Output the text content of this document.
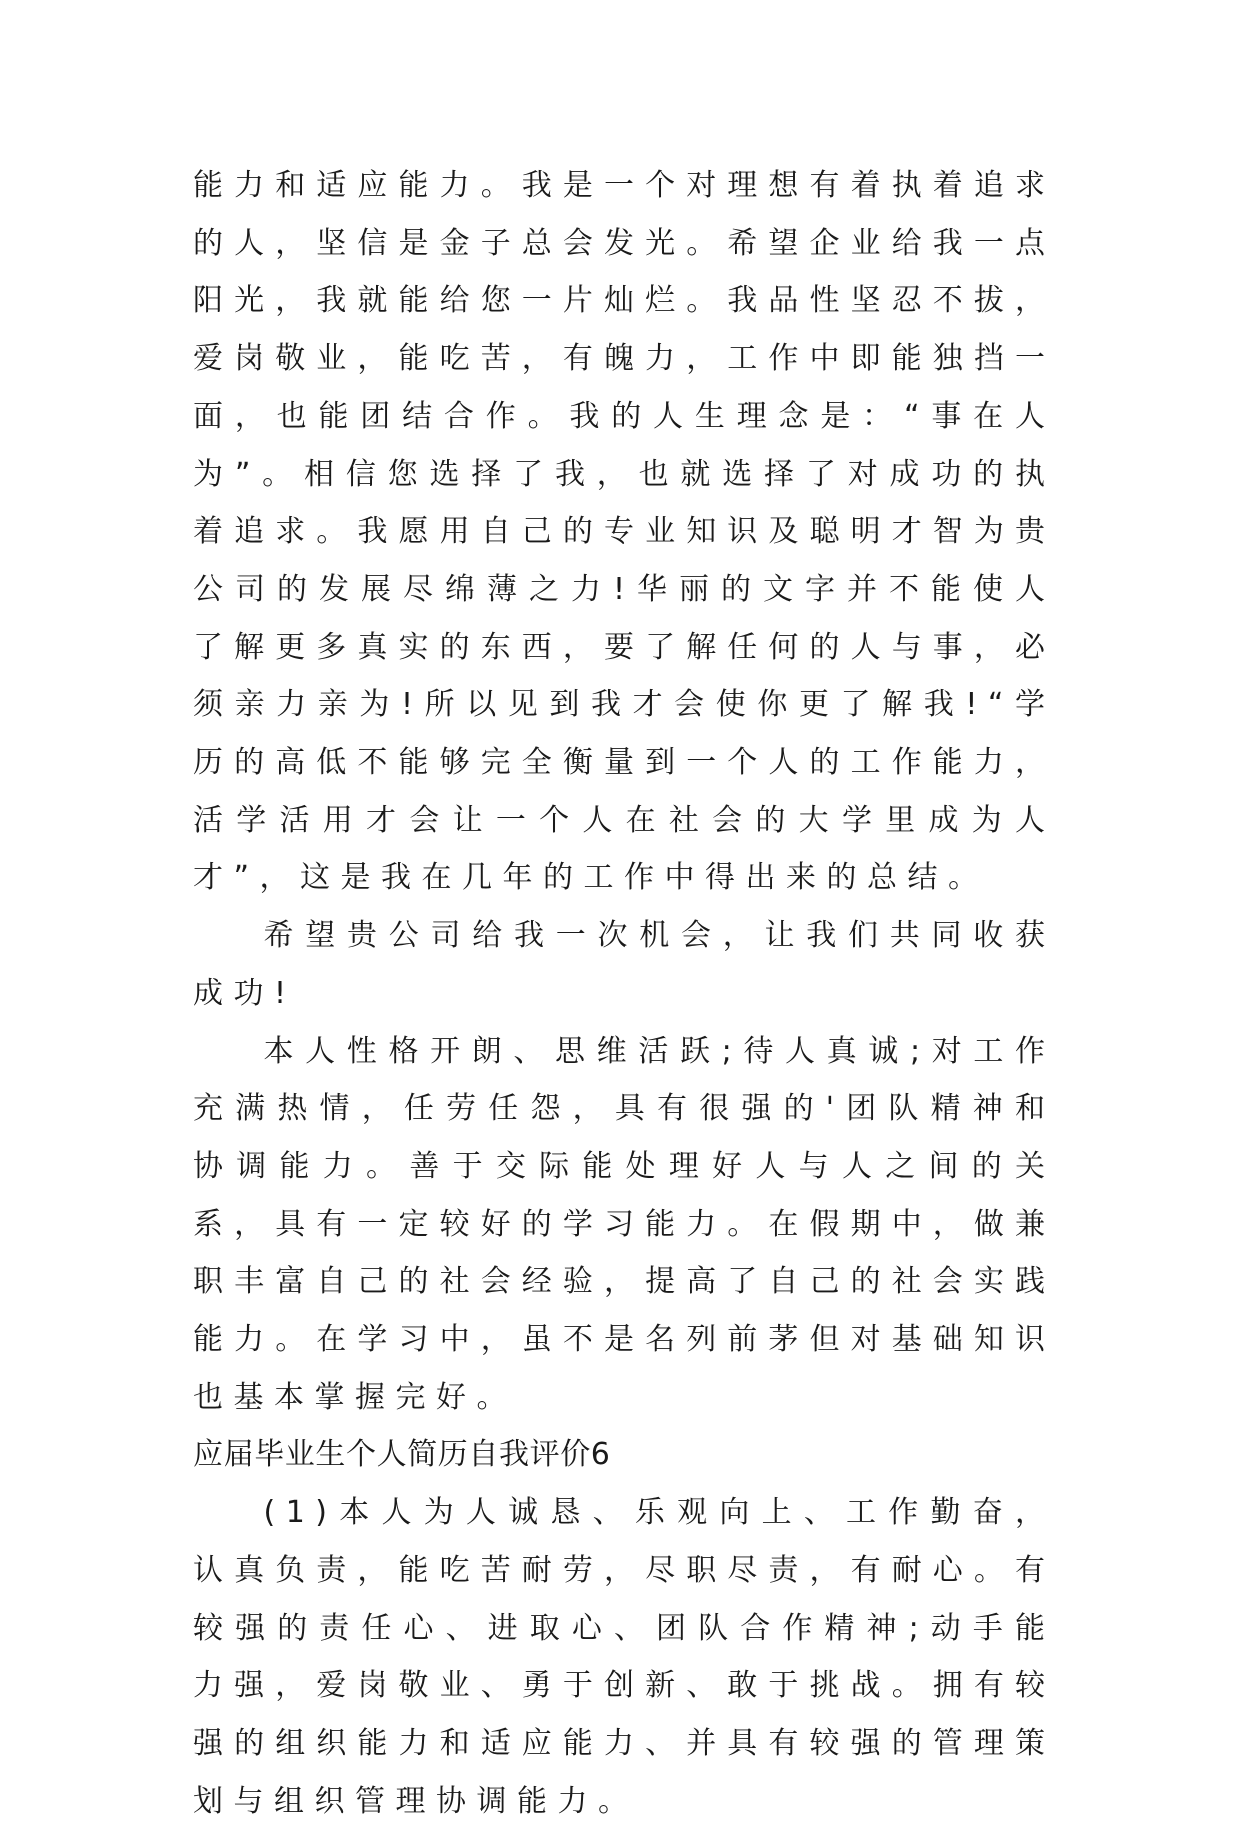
能力和适应能力。我是一个对理想有着执着追求的人，坚信是金子总会发光。希望企业给我一点阳光，我就能给您一片灿烂。我品性坚忍不拔，爱岗敬业，能吃苦，有魄力，工作中即能独挡一面，也能团结合作。我的人生理念是：“事在人为”。相信您选择了我，也就选择了对成功的执着追求。我愿用自己的专业知识及聪明才智为贵公司的发展尽绵薄之力!华丽的文字并不能使人了解更多真实的东西，要了解任何的人与事，必须亲力亲为!所以见到我才会使你更了解我!“学历的高低不能够完全衡量到一个人的工作能力，活学活用才会让一个人在社会的大学里成为人才”，这是我在几年的工作中得出来的总结。

希望贵公司给我一次机会，让我们共同收获成功!

本人性格开朗、思维活跃;待人真诚;对工作充满热情，任劳任怨，具有很强的'团队精神和协调能力。善于交际能处理好人与人之间的关系，具有一定较好的学习能力。在假期中，做兼职丰富自己的社会经验，提高了自己的社会实践能力。在学习中，虽不是名列前茅但对基础知识也基本掌握完好。

应届毕业生个人简历自我评价6

(1)本人为人诚恳、乐观向上、工作勤奋，认真负责，能吃苦耐劳，尽职尽责，有耐心。有较强的责任心、进取心、团队合作精神;动手能力强，爱岗敬业、勇于创新、敢于挑战。拥有较强的组织能力和适应能力、并具有较强的管理策划与组织管理协调能力。
